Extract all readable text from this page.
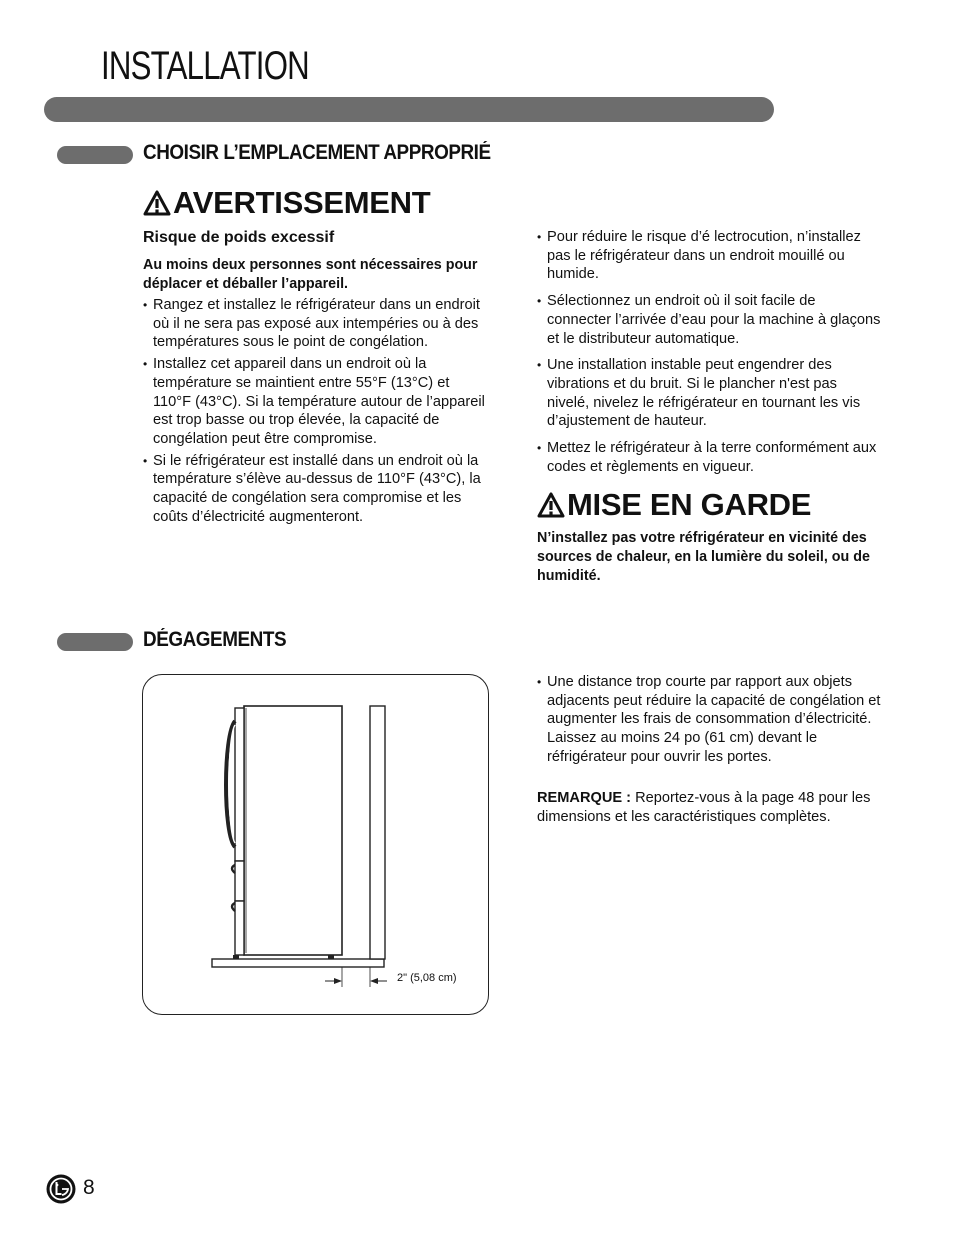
INSTALLATION
CHOISIR L’EMPLACEMENT APPROPRIÉ
AVERTISSEMENT
Risque de poids excessif
Au moins deux personnes sont nécessaires pour déplacer et déballer l’appareil.
• Rangez et installez le réfrigérateur dans un endroit où il ne sera pas exposé aux intempéries ou à des températures sous le point de congélation.
• Installez cet appareil dans un endroit où la température se maintient entre 55°F (13°C) et 110°F (43°C). Si la température autour de l’appareil est trop basse ou trop élevée, la capacité de congélation peut être compromise.
• Si le réfrigérateur est installé dans un endroit où la température s’élève au-dessus de 110°F (43°C), la capacité de congélation sera compromise et les coûts d’électricité augmenteront.
• Pour réduire le risque d’é lectrocution, n’installez pas le réfrigérateur dans un endroit mouillé ou humide.
• Sélectionnez un endroit où il soit facile de connecter l’arrivée d’eau pour la machine à glaçons et le distributeur automatique.
• Une installation instable peut engendrer des vibrations et du bruit. Si le plancher n'est pas nivelé, nivelez le réfrigérateur en tournant les vis d’ajustement de hauteur.
• Mettez le réfrigérateur à la terre conformément aux codes et règlements en vigueur.
MISE EN GARDE
N’installez pas votre réfrigérateur en vicinité des sources de chaleur, en la lumière du soleil, ou de humidité.
DÉGAGEMENTS
2" (5,08 cm)
• Une distance trop courte par rapport aux objets adjacents peut réduire la capacité de congélation et augmenter les frais de consommation d’électricité.
Laissez au moins 24 po (61 cm) devant le réfrigérateur pour ouvrir les portes.

REMARQUE : Reportez-vous à la page 48 pour les dimensions et les caractéristiques complètes.

8
